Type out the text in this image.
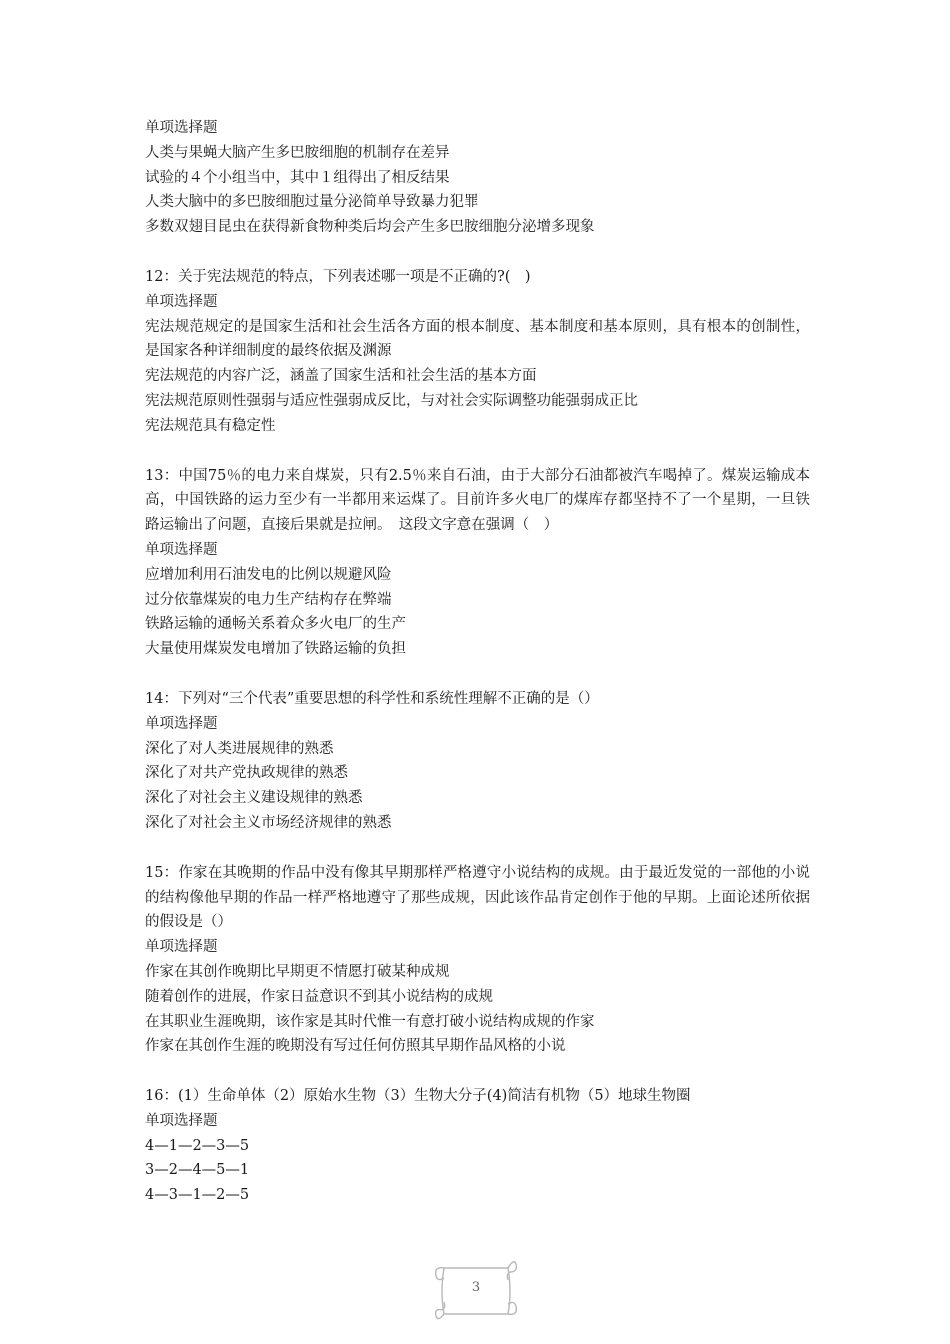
单项选择题
人类与果蝇大脑产生多巴胺细胞的机制存在差异
试验的４个小组当中，其中１组得出了相反结果
人类大脑中的多巴胺细胞过量分泌简单导致暴力犯罪
多数双翅目昆虫在获得新食物种类后均会产生多巴胺细胞分泌增多现象
12：关于宪法规范的特点，下列表述哪一项是不正确的?(　)
单项选择题
宪法规范规定的是国家生活和社会生活各方面的根本制度、基本制度和基本原则，具有根本的创制性，是国家各种详细制度的最终依据及渊源
宪法规范的内容广泛，涵盖了国家生活和社会生活的基本方面
宪法规范原则性强弱与适应性强弱成反比，与对社会实际调整功能强弱成正比
宪法规范具有稳定性
13：中国75％的电力来自煤炭，只有2.5％来自石油，由于大部分石油都被汽车喝掉了。煤炭运输成本高，中国铁路的运力至少有一半都用来运煤了。目前许多火电厂的煤库存都坚持不了一个星期，一旦铁路运输出了问题，直接后果就是拉闸。　这段文字意在强调（　）
单项选择题
应增加利用石油发电的比例以规避风险
过分依靠煤炭的电力生产结构存在弊端
铁路运输的通畅关系着众多火电厂的生产
大量使用煤炭发电增加了铁路运输的负担
14：下列对“三个代表”重要思想的科学性和系统性理解不正确的是（）
单项选择题
深化了对人类进展规律的熟悉
深化了对共产党执政规律的熟悉
深化了对社会主义建设规律的熟悉
深化了对社会主义市场经济规律的熟悉
15：作家在其晚期的作品中没有像其早期那样严格遵守小说结构的成规。由于最近发觉的一部他的小说的结构像他早期的作品一样严格地遵守了那些成规，因此该作品肯定创作于他的早期。上面论述所依据的假设是（）
单项选择题
作家在其创作晚期比早期更不情愿打破某种成规
随着创作的进展，作家日益意识不到其小说结构的成规
在其职业生涯晚期，该作家是其时代惟一有意打破小说结构成规的作家
作家在其创作生涯的晚期没有写过任何仿照其早期作品风格的小说
16：(1）生命单体（2）原始水生物（3）生物大分子(4)简洁有机物（5）地球生物圈
单项选择题
4—1—2—3—5
3—2—4—5—1
4—3—1—2—5
3
